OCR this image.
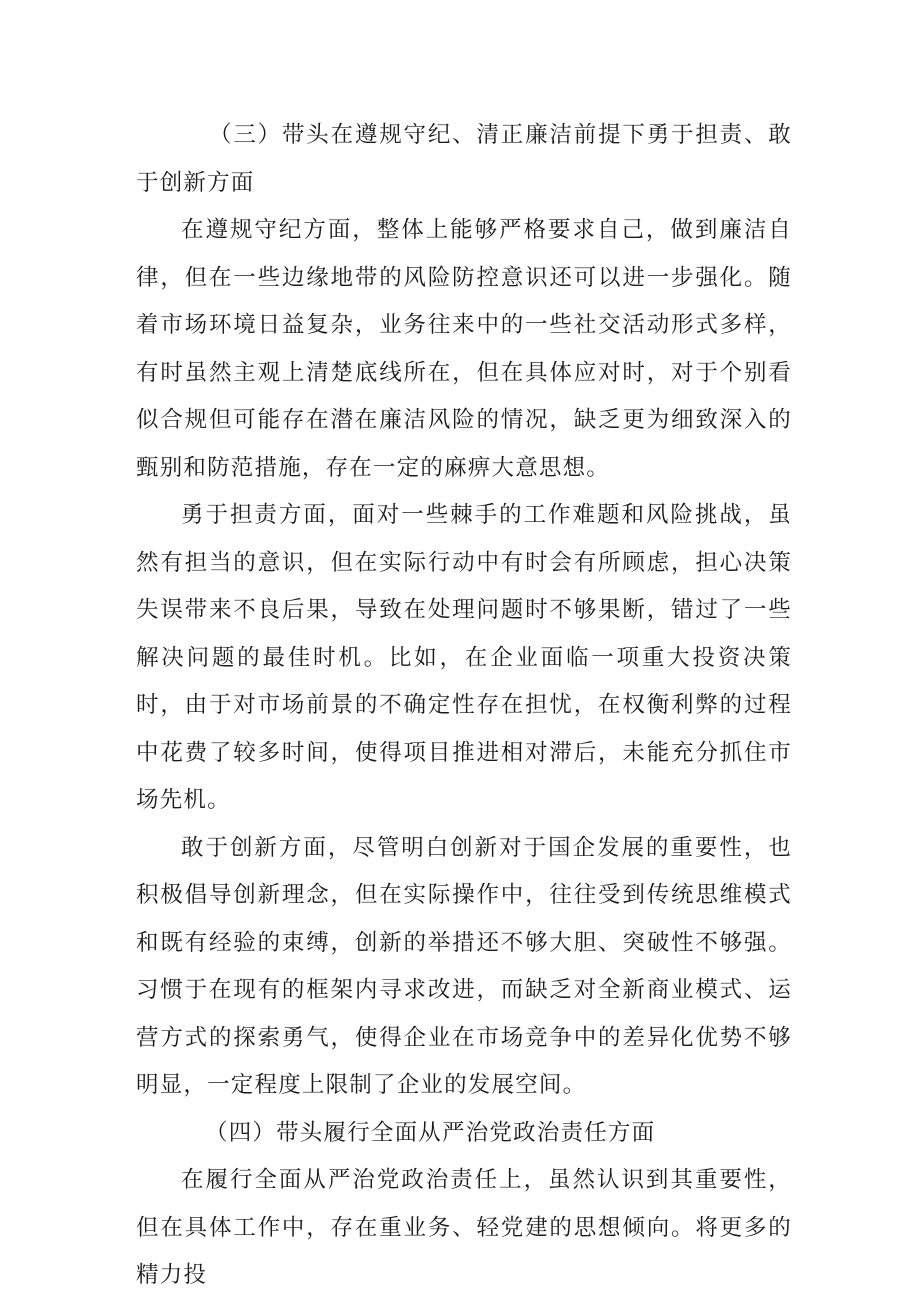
（三）带头在遵规守纪、清正廉洁前提下勇于担责、敢于创新方面

在遵规守纪方面，整体上能够严格要求自己，做到廉洁自律，但在一些边缘地带的风险防控意识还可以进一步强化。随着市场环境日益复杂，业务往来中的一些社交活动形式多样，有时虽然主观上清楚底线所在，但在具体应对时，对于个别看似合规但可能存在潜在廉洁风险的情况，缺乏更为细致深入的甄别和防范措施，存在一定的麻痹大意思想。

勇于担责方面，面对一些棘手的工作难题和风险挑战，虽然有担当的意识，但在实际行动中有时会有所顾虑，担心决策失误带来不良后果，导致在处理问题时不够果断，错过了一些解决问题的最佳时机。比如，在企业面临一项重大投资决策时，由于对市场前景的不确定性存在担忧，在权衡利弊的过程中花费了较多时间，使得项目推进相对滞后，未能充分抓住市场先机。

敢于创新方面，尽管明白创新对于国企发展的重要性，也积极倡导创新理念，但在实际操作中，往往受到传统思维模式和既有经验的束缚，创新的举措还不够大胆、突破性不够强。习惯于在现有的框架内寻求改进，而缺乏对全新商业模式、运营方式的探索勇气，使得企业在市场竞争中的差异化优势不够明显，一定程度上限制了企业的发展空间。

（四）带头履行全面从严治党政治责任方面

在履行全面从严治党政治责任上，虽然认识到其重要性，但在具体工作中，存在重业务、轻党建的思想倾向。将更多的精力投
